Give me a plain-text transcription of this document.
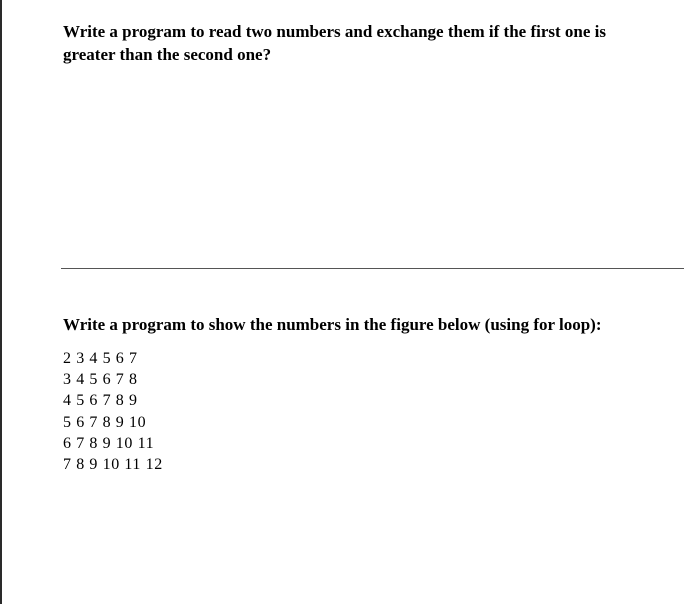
Write a program to read two numbers and exchange them if the first one is
greater than the second one?
Write a program to show the numbers in the figure below (using for loop):
2 3 4 5 6 7
3 4 5 6 7 8
4 5 6 7 8 9
5 6 7 8 9 10
6 7 8 9 10 11
7 8 9 10 11 12
